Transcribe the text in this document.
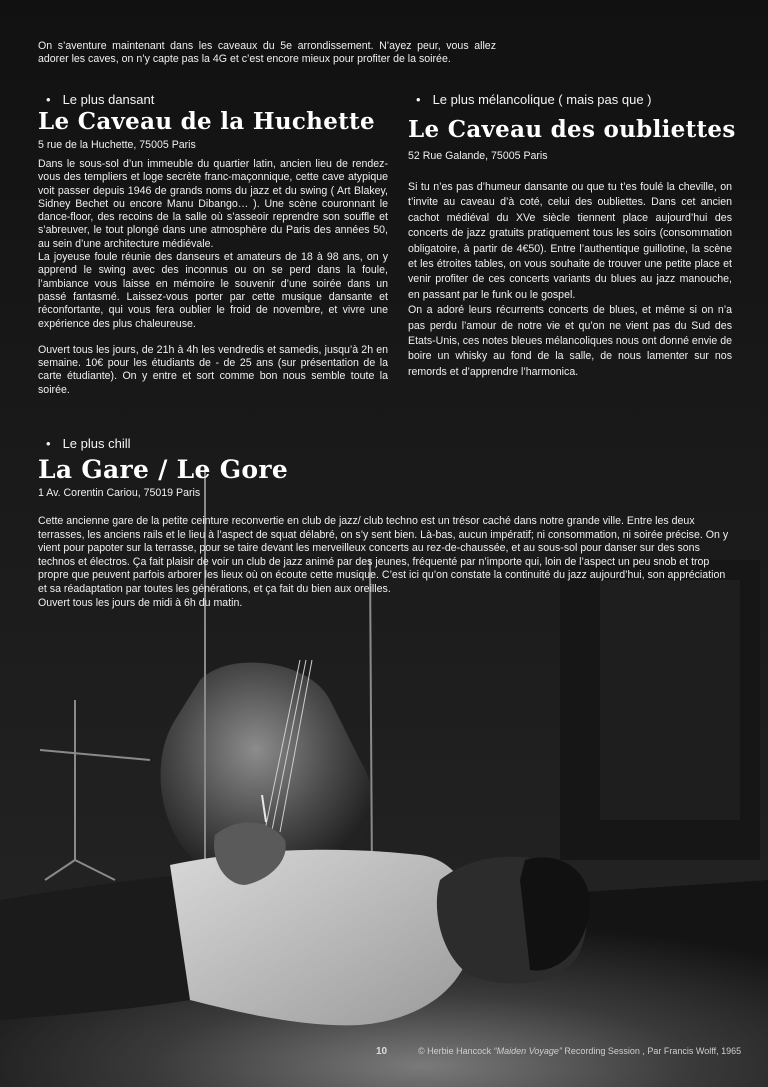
On s’aventure maintenant dans les caveaux du 5e arrondissement. N’ayez peur, vous allez adorer les caves, on n’y capte pas la 4G et c’est encore mieux pour profiter de la soirée.
• Le plus dansant
Le Caveau de la Huchette
5 rue de la Huchette, 75005 Paris

Dans le sous-sol d’un immeuble du quartier latin, ancien lieu de rendez-vous des templiers et loge secrète franc-maçonnique, cette cave atypique voit passer depuis 1946 de grands noms du jazz et du swing ( Art Blakey, Sidney Bechet ou encore Manu Dibango… ). Une scène couronnant le dance-floor, des recoins de la salle où s’asseoir reprendre son souffle et s’abreuver, le tout plongé dans une atmosphère du Paris des années 50, au sein d’une architecture médiévale.

La joyeuse foule réunie des danseurs et amateurs de 18 à 98 ans, on y apprend le swing avec des inconnus ou on se perd dans la foule, l’ambiance vous laisse en mémoire le souvenir d’une soirée dans un passé fantasmé. Laissez-vous porter par cette musique dansante et réconfortante, qui vous fera oublier le froid de novembre, et vivre une expérience des plus chaleureuse.

Ouvert tous les jours, de 21h à 4h les vendredis et samedis, jusqu’à 2h en semaine. 10€ pour les étudiants de - de 25 ans (sur présentation de la carte étudiante). On y entre et sort comme bon nous semble toute la soirée.

• Le plus mélancolique ( mais pas que )
Le Caveau des oubliettes
52 Rue Galande, 75005 Paris

Si tu n’es pas d’humeur dansante ou que tu t’es foulé la cheville, on t’invite au caveau d’à coté, celui des oubliettes. Dans cet ancien cachot médiéval du XVe siècle tiennent place aujourd’hui des concerts de jazz gratuits pratiquement tous les soirs (consommation obligatoire, à partir de 4€50). Entre l’authentique guillotine, la scène et les étroites tables, on vous souhaite de trouver une petite place et venir profiter de ces concerts variants du blues au jazz manouche, en passant par le funk ou le gospel.

On a adoré leurs récurrents concerts de blues, et même si on n’a pas perdu l’amour de notre vie et qu’on ne vient pas du Sud des Etats-Unis, ces notes bleues mélancoliques nous ont donné envie de boire un whisky au fond de la salle, de nous lamenter sur nos remords et d’apprendre l’harmonica.

• Le plus chill
La Gare / Le Gore
1 Av. Corentin Cariou, 75019 Paris

Cette ancienne gare de la petite ceinture reconvertie en club de jazz/ club techno est un trésor caché dans notre grande ville. Entre les deux terrasses, les anciens rails et le lieu à l’aspect de squat délabré, on s’y sent bien. Là-bas, aucun impératif; ni consommation, ni soirée précise. On y vient pour papoter sur la terrasse, pour se taire devant les merveilleux concerts au rez-de-chaussée, et au sous-sol pour danser sur des sons technos et électros. Ça fait plaisir de voir un club de jazz animé par des jeunes, fréquenté par n’importe qui, loin de l’aspect un peu snob et trop propre que peuvent parfois arborer les lieux où on écoute cette musique. C’est ici qu’on constate la continuité du jazz aujourd’hui, son appréciation et sa réadaptation par toutes les générations, et ça fait du bien aux oreilles.

Ouvert tous les jours de midi à 6h du matin.

10	© Herbie Hancock “Maiden Voyage” Recording Session , Par Francis Wolff, 1965
